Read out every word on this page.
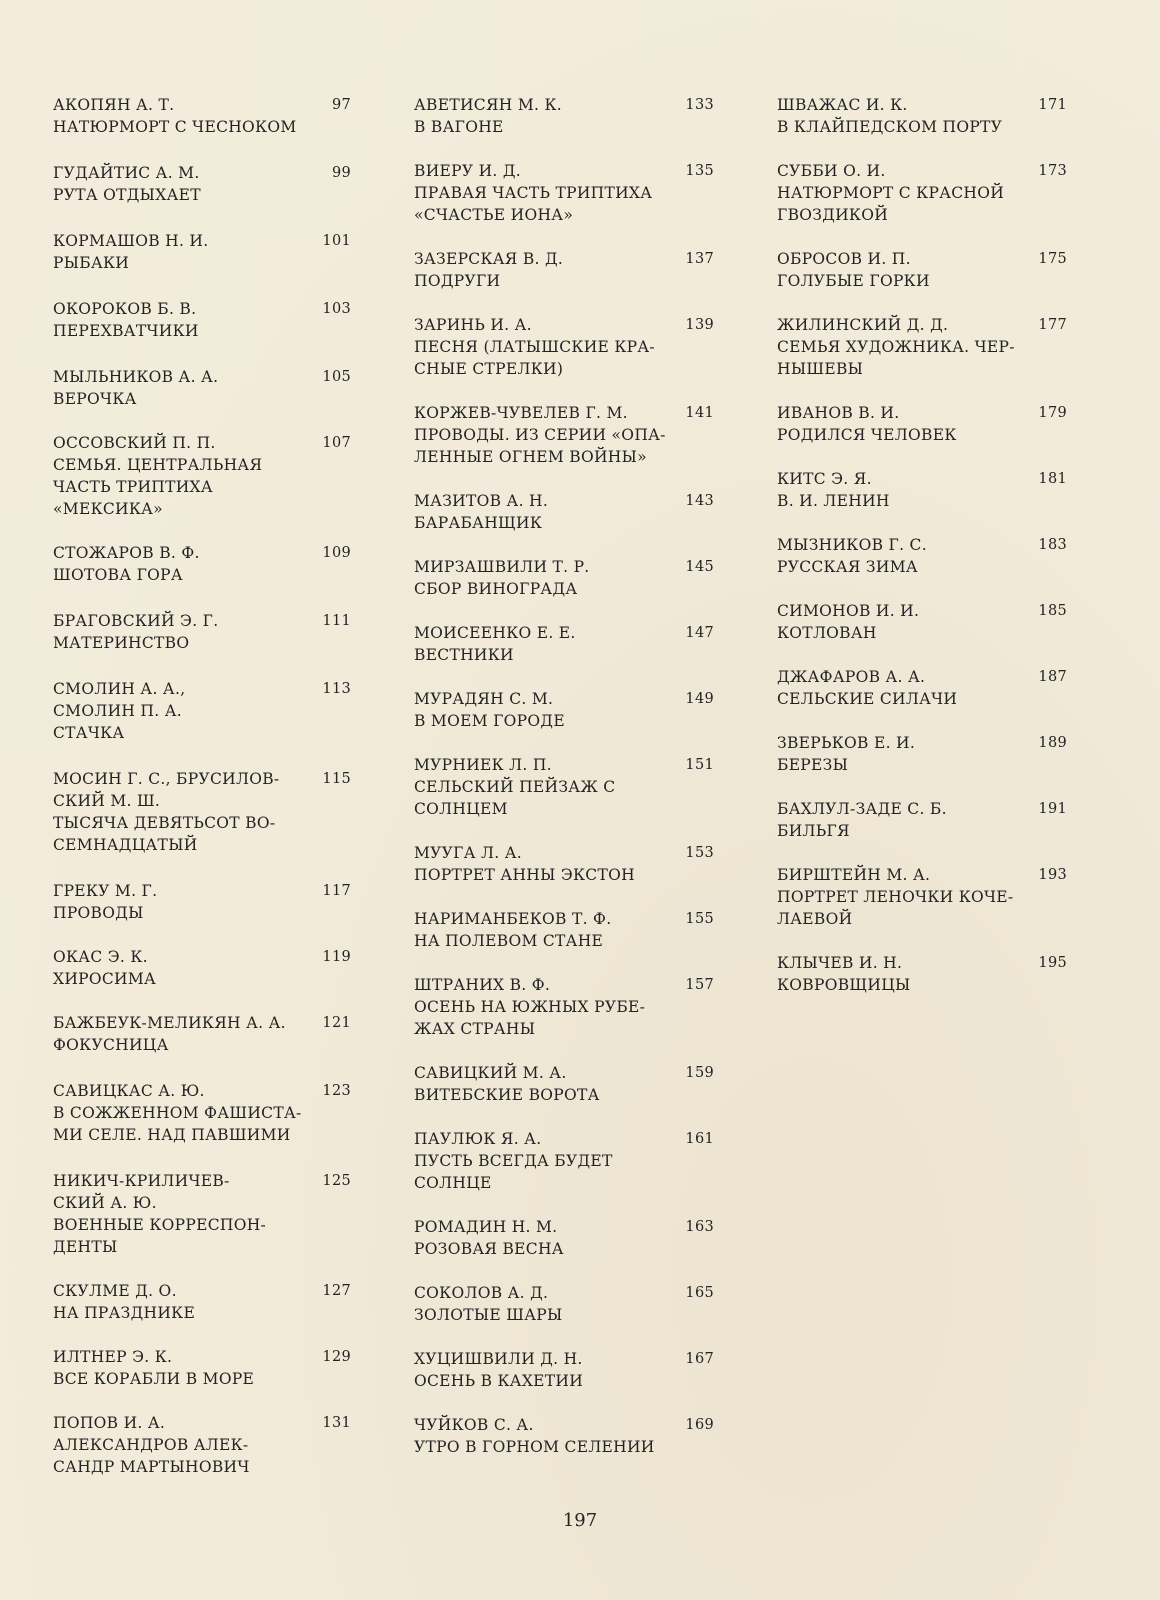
АКОПЯН А. Т.
НАТЮРМОРТ С ЧЕСНОКОМ
97
ГУДАЙТИС А. М.
РУТА ОТДЫХАЕТ
99
КОРМАШОВ Н. И.
РЫБАКИ
101
ОКОРОКОВ Б. В.
ПЕРЕХВАТЧИКИ
103
МЫЛЬНИКОВ А. А.
ВЕРОЧКА
105
ОССОВСКИЙ П. П.
СЕМЬЯ. ЦЕНТРАЛЬНАЯ
ЧАСТЬ ТРИПТИХА
«МЕКСИКА»
107
СТОЖАРОВ В. Ф.
ШОТОВА ГОРА
109
БРАГОВСКИЙ Э. Г.
МАТЕРИНСТВО
111
СМОЛИН А. А.,
СМОЛИН П. А.
СТАЧКА
113
МОСИН Г. С., БРУСИЛОВ-
СКИЙ М. Ш.
ТЫСЯЧА ДЕВЯТЬСОТ ВО-
СЕМНАДЦАТЫЙ
115
ГРЕКУ М. Г.
ПРОВОДЫ
117
ОКАС Э. К.
ХИРОСИМА
119
БАЖБЕУК-МЕЛИКЯН А. А.
ФОКУСНИЦА
121
САВИЦКАС А. Ю.
В СОЖЖЕННОМ ФАШИСТА-
МИ СЕЛЕ. НАД ПАВШИМИ
123
НИКИЧ-КРИЛИЧЕВ-
СКИЙ А. Ю.
ВОЕННЫЕ КОРРЕСПОН-
ДЕНТЫ
125
СКУЛМЕ Д. О.
НА ПРАЗДНИКЕ
127
ИЛТНЕР Э. К.
ВСЕ КОРАБЛИ В МОРЕ
129
ПОПОВ И. А.
АЛЕКСАНДРОВ АЛЕК-
САНДР МАРТЫНОВИЧ
131
АВЕТИСЯН М. К.
В ВАГОНЕ
133
ВИЕРУ И. Д.
ПРАВАЯ ЧАСТЬ ТРИПТИХА
«СЧАСТЬЕ ИОНА»
135
ЗАЗЕРСКАЯ В. Д.
ПОДРУГИ
137
ЗАРИНЬ И. А.
ПЕСНЯ (ЛАТЫШСКИЕ КРА-
СНЫЕ СТРЕЛКИ)
139
КОРЖЕВ-ЧУВЕЛЕВ Г. М.
ПРОВОДЫ. ИЗ СЕРИИ «ОПА-
ЛЕННЫЕ ОГНЕМ ВОЙНЫ»
141
МАЗИТОВ А. Н.
БАРАБАНЩИК
143
МИРЗАШВИЛИ Т. Р.
СБОР ВИНОГРАДА
145
МОИСЕЕНКО Е. Е.
ВЕСТНИКИ
147
МУРАДЯН С. М.
В МОЕМ ГОРОДЕ
149
МУРНИЕК Л. П.
СЕЛЬСКИЙ ПЕЙЗАЖ С
СОЛНЦЕМ
151
МУУГА Л. А.
ПОРТРЕТ АННЫ ЭКСТОН
153
НАРИМАНБЕКОВ Т. Ф.
НА ПОЛЕВОМ СТАНЕ
155
ШТРАНИХ В. Ф.
ОСЕНЬ НА ЮЖНЫХ РУБЕ-
ЖАХ СТРАНЫ
157
САВИЦКИЙ М. А.
ВИТЕБСКИЕ ВОРОТА
159
ПАУЛЮК Я. А.
ПУСТЬ ВСЕГДА БУДЕТ
СОЛНЦЕ
161
РОМАДИН Н. М.
РОЗОВАЯ ВЕСНА
163
СОКОЛОВ А. Д.
ЗОЛОТЫЕ ШАРЫ
165
ХУЦИШВИЛИ Д. Н.
ОСЕНЬ В КАХЕТИИ
167
ЧУЙКОВ С. А.
УТРО В ГОРНОМ СЕЛЕНИИ
169
ШВАЖАС И. К.
В КЛАЙПЕДСКОМ ПОРТУ
171
СУББИ О. И.
НАТЮРМОРТ С КРАСНОЙ
ГВОЗДИКОЙ
173
ОБРОСОВ И. П.
ГОЛУБЫЕ ГОРКИ
175
ЖИЛИНСКИЙ Д. Д.
СЕМЬЯ ХУДОЖНИКА. ЧЕР-
НЫШЕВЫ
177
ИВАНОВ В. И.
РОДИЛСЯ ЧЕЛОВЕК
179
КИТС Э. Я.
В. И. ЛЕНИН
181
МЫЗНИКОВ Г. С.
РУССКАЯ ЗИМА
183
СИМОНОВ И. И.
КОТЛОВАН
185
ДЖАФАРОВ А. А.
СЕЛЬСКИЕ СИЛАЧИ
187
ЗВЕРЬКОВ Е. И.
БЕРЕЗЫ
189
БАХЛУЛ-ЗАДЕ С. Б.
БИЛЬГЯ
191
БИРШТЕЙН М. А.
ПОРТРЕТ ЛЕНОЧКИ КОЧЕ-
ЛАЕВОЙ
193
КЛЫЧЕВ И. Н.
КОВРОВЩИЦЫ
195
197
